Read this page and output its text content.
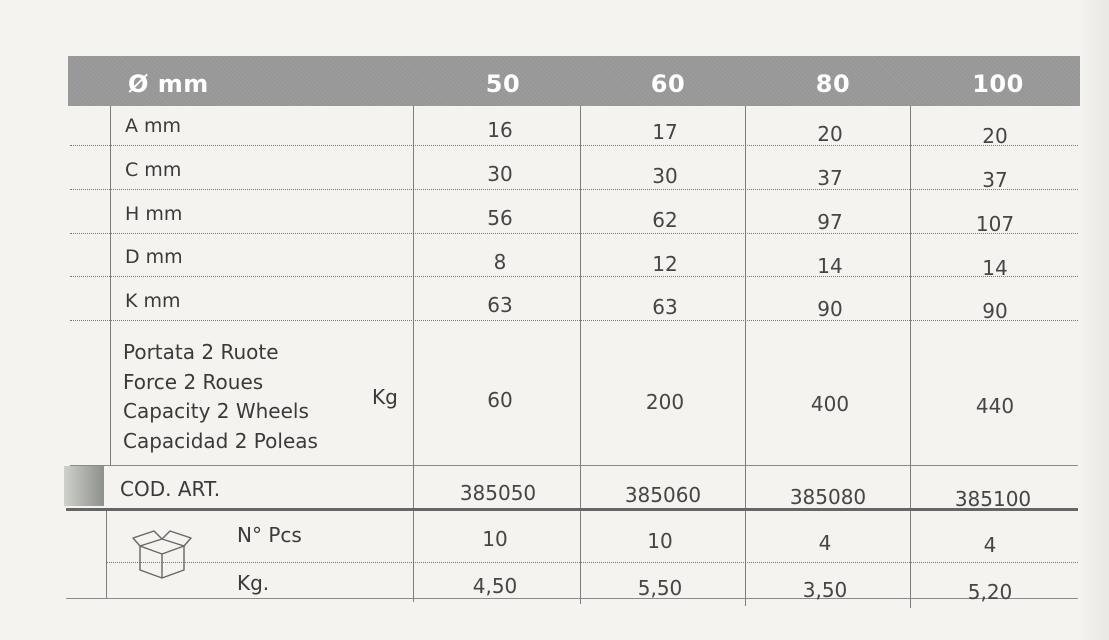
Ø mm	50	60	80	100
A mm	16	17	20	20
C mm	30	30	37	37
H mm	56	62	97	107
D mm	8	12	14	14
K mm	63	63	90	90
Portata 2 Ruote
Force 2 Roues
Capacity 2 Wheels
Capacidad 2 Poleas
Kg	60	200	400	440
COD. ART.	385050	385060	385080	385100
N° Pcs	10	10	4	4
Kg.	4,50	5,50	3,50	5,20
